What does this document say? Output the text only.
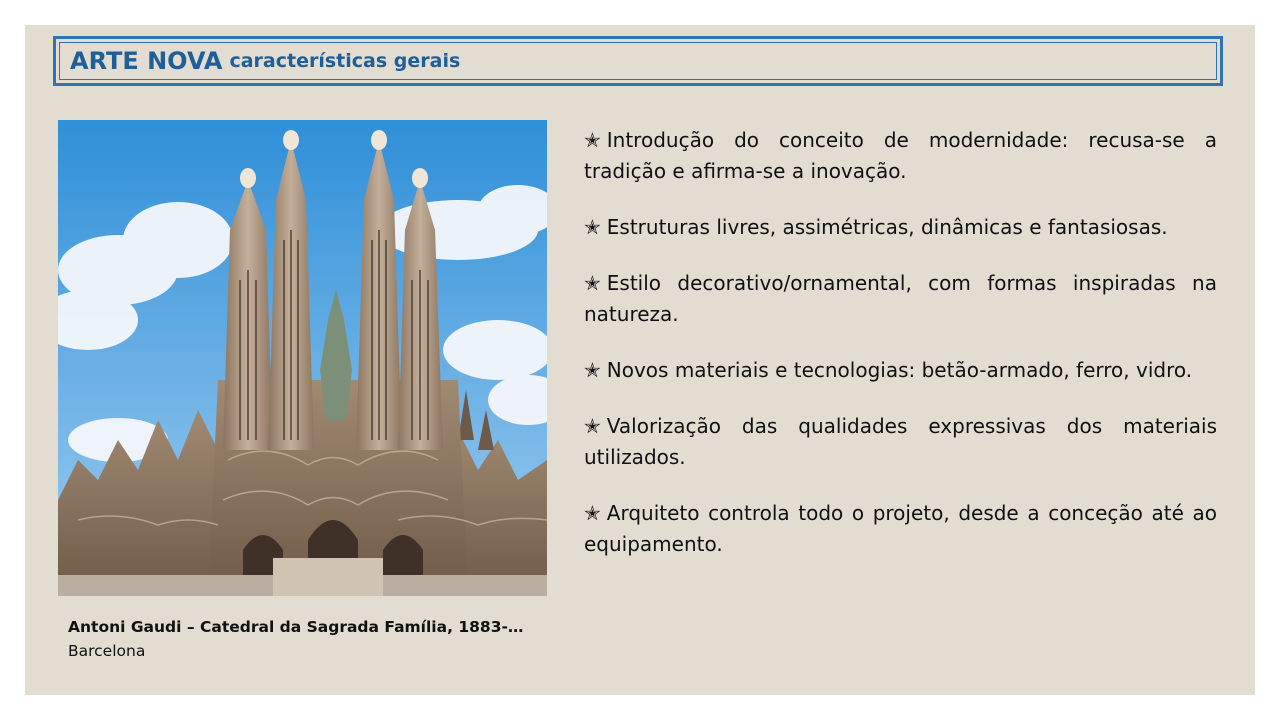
ARTE NOVA características gerais
✭ Introdução do conceito de modernidade: recusa-se a tradição e afirma-se a inovação.
✭ Estruturas livres, assimétricas, dinâmicas e fantasiosas.
✭ Estilo decorativo/ornamental, com formas inspiradas na natureza.
✭ Novos materiais e tecnologias: betão-armado, ferro, vidro.
✭ Valorização das qualidades expressivas dos materiais utilizados.
✭ Arquiteto controla todo o projeto, desde a conceção até ao equipamento.
Antoni Gaudi – Catedral da Sagrada Família, 1883-…
Barcelona
